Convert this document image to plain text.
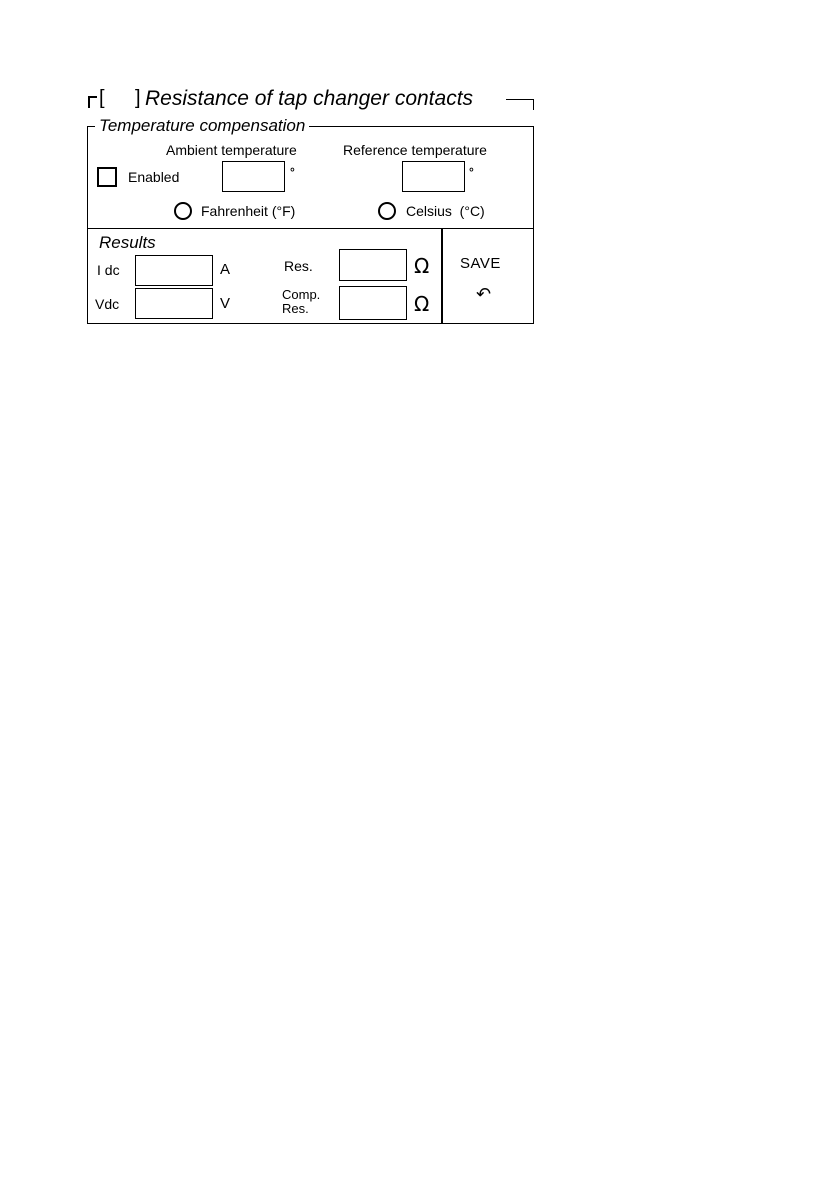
[ ] Resistance of tap changer contacts
Temperature compensation
Ambient temperature	Reference temperature
Enabled	°	°
Fahrenheit (°F)	Celsius  (°C)
Results
I dc	A
Vdc	V
Res.	Ω
Comp.
Res.	Ω
SAVE
↶
